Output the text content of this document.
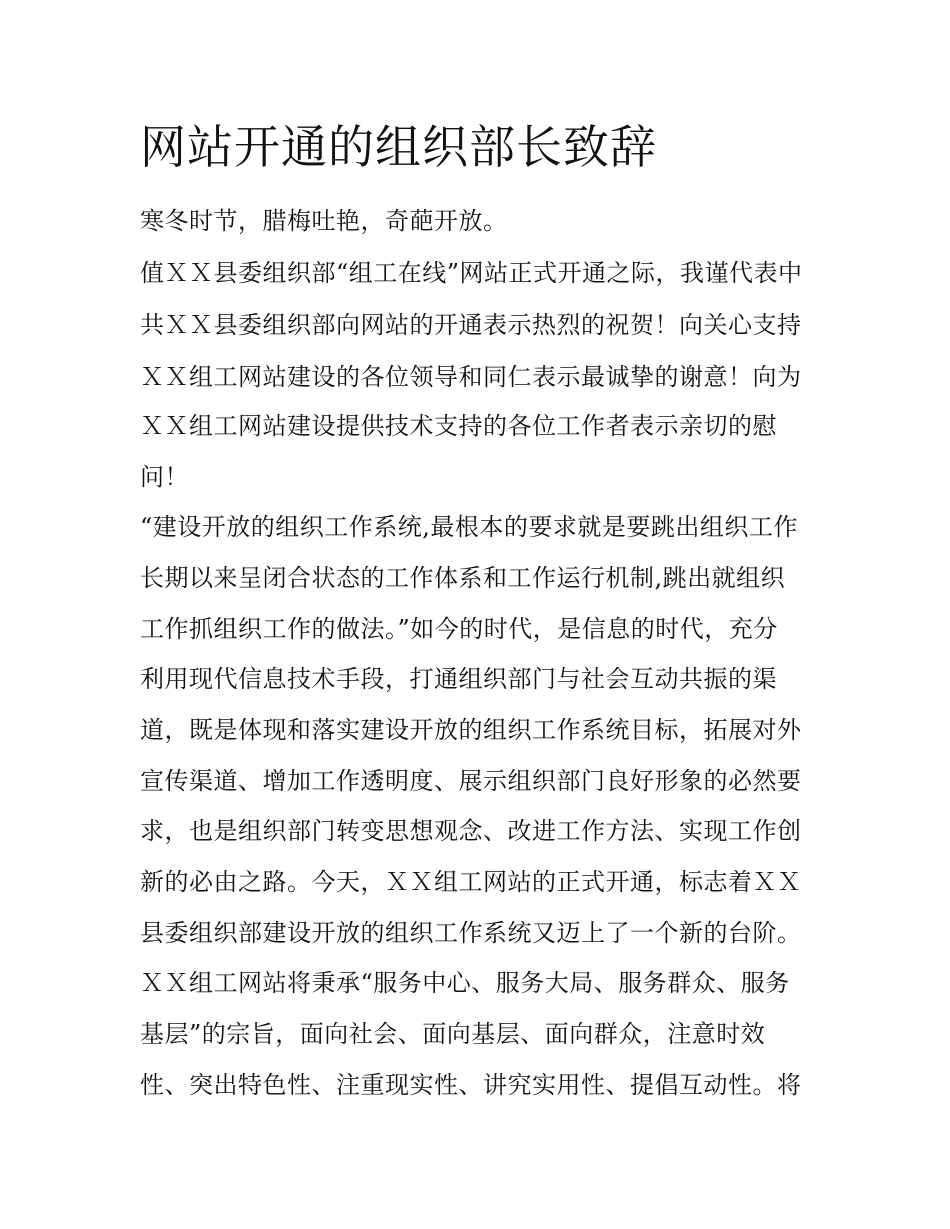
网站开通的组织部长致辞
寒冬时节，腊梅吐艳，奇葩开放。
值ＸＸ县委组织部“组工在线”网站正式开通之际，我谨代表中
共ＸＸ县委组织部向网站的开通表示热烈的祝贺！向关心支持
ＸＸ组工网站建设的各位领导和同仁表示最诚挚的谢意！向为
ＸＸ组工网站建设提供技术支持的各位工作者表示亲切的慰
问！
“建设开放的组织工作系统,最根本的要求就是要跳出组织工作
长期以来呈闭合状态的工作体系和工作运行机制,跳出就组织
工作抓组织工作的做法。”如今的时代，是信息的时代，充分
利用现代信息技术手段，打通组织部门与社会互动共振的渠
道，既是体现和落实建设开放的组织工作系统目标，拓展对外
宣传渠道、增加工作透明度、展示组织部门良好形象的必然要
求，也是组织部门转变思想观念、改进工作方法、实现工作创
新的必由之路。今天，ＸＸ组工网站的正式开通，标志着ＸＸ
县委组织部建设开放的组织工作系统又迈上了一个新的台阶。
ＸＸ组工网站将秉承“服务中心、服务大局、服务群众、服务
基层”的宗旨，面向社会、面向基层、面向群众，注意时效
性、突出特色性、注重现实性、讲究实用性、提倡互动性。将
